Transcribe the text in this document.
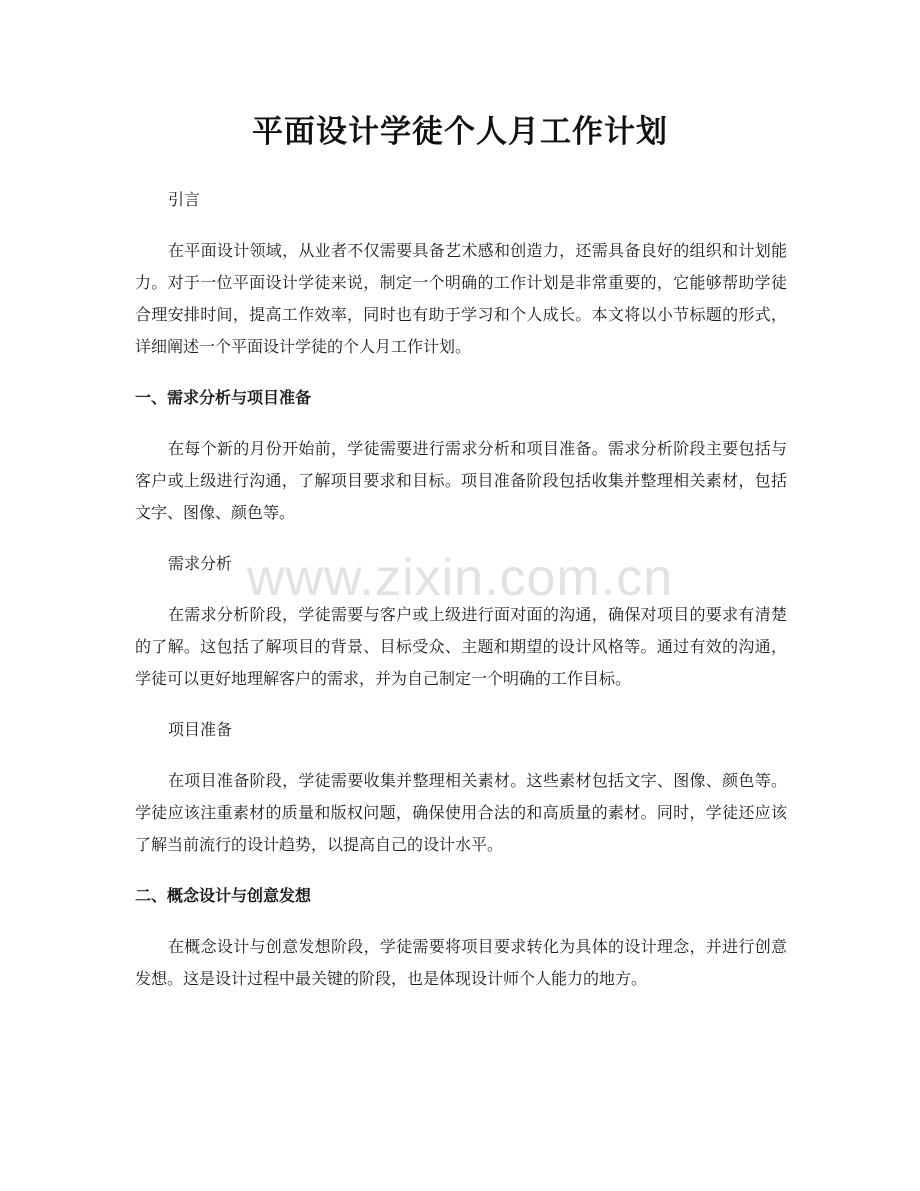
平面设计学徒个人月工作计划

引言

在平面设计领域，从业者不仅需要具备艺术感和创造力，还需具备良好的组织和计划能力。对于一位平面设计学徒来说，制定一个明确的工作计划是非常重要的，它能够帮助学徒合理安排时间，提高工作效率，同时也有助于学习和个人成长。本文将以小节标题的形式，详细阐述一个平面设计学徒的个人月工作计划。

一、需求分析与项目准备

在每个新的月份开始前，学徒需要进行需求分析和项目准备。需求分析阶段主要包括与客户或上级进行沟通，了解项目要求和目标。项目准备阶段包括收集并整理相关素材，包括文字、图像、颜色等。

需求分析

在需求分析阶段，学徒需要与客户或上级进行面对面的沟通，确保对项目的要求有清楚的了解。这包括了解项目的背景、目标受众、主题和期望的设计风格等。通过有效的沟通，学徒可以更好地理解客户的需求，并为自己制定一个明确的工作目标。

项目准备

在项目准备阶段，学徒需要收集并整理相关素材。这些素材包括文字、图像、颜色等。学徒应该注重素材的质量和版权问题，确保使用合法的和高质量的素材。同时，学徒还应该了解当前流行的设计趋势，以提高自己的设计水平。

二、概念设计与创意发想

在概念设计与创意发想阶段，学徒需要将项目要求转化为具体的设计理念，并进行创意发想。这是设计过程中最关键的阶段，也是体现设计师个人能力的地方。

www.zixin.com.cn
